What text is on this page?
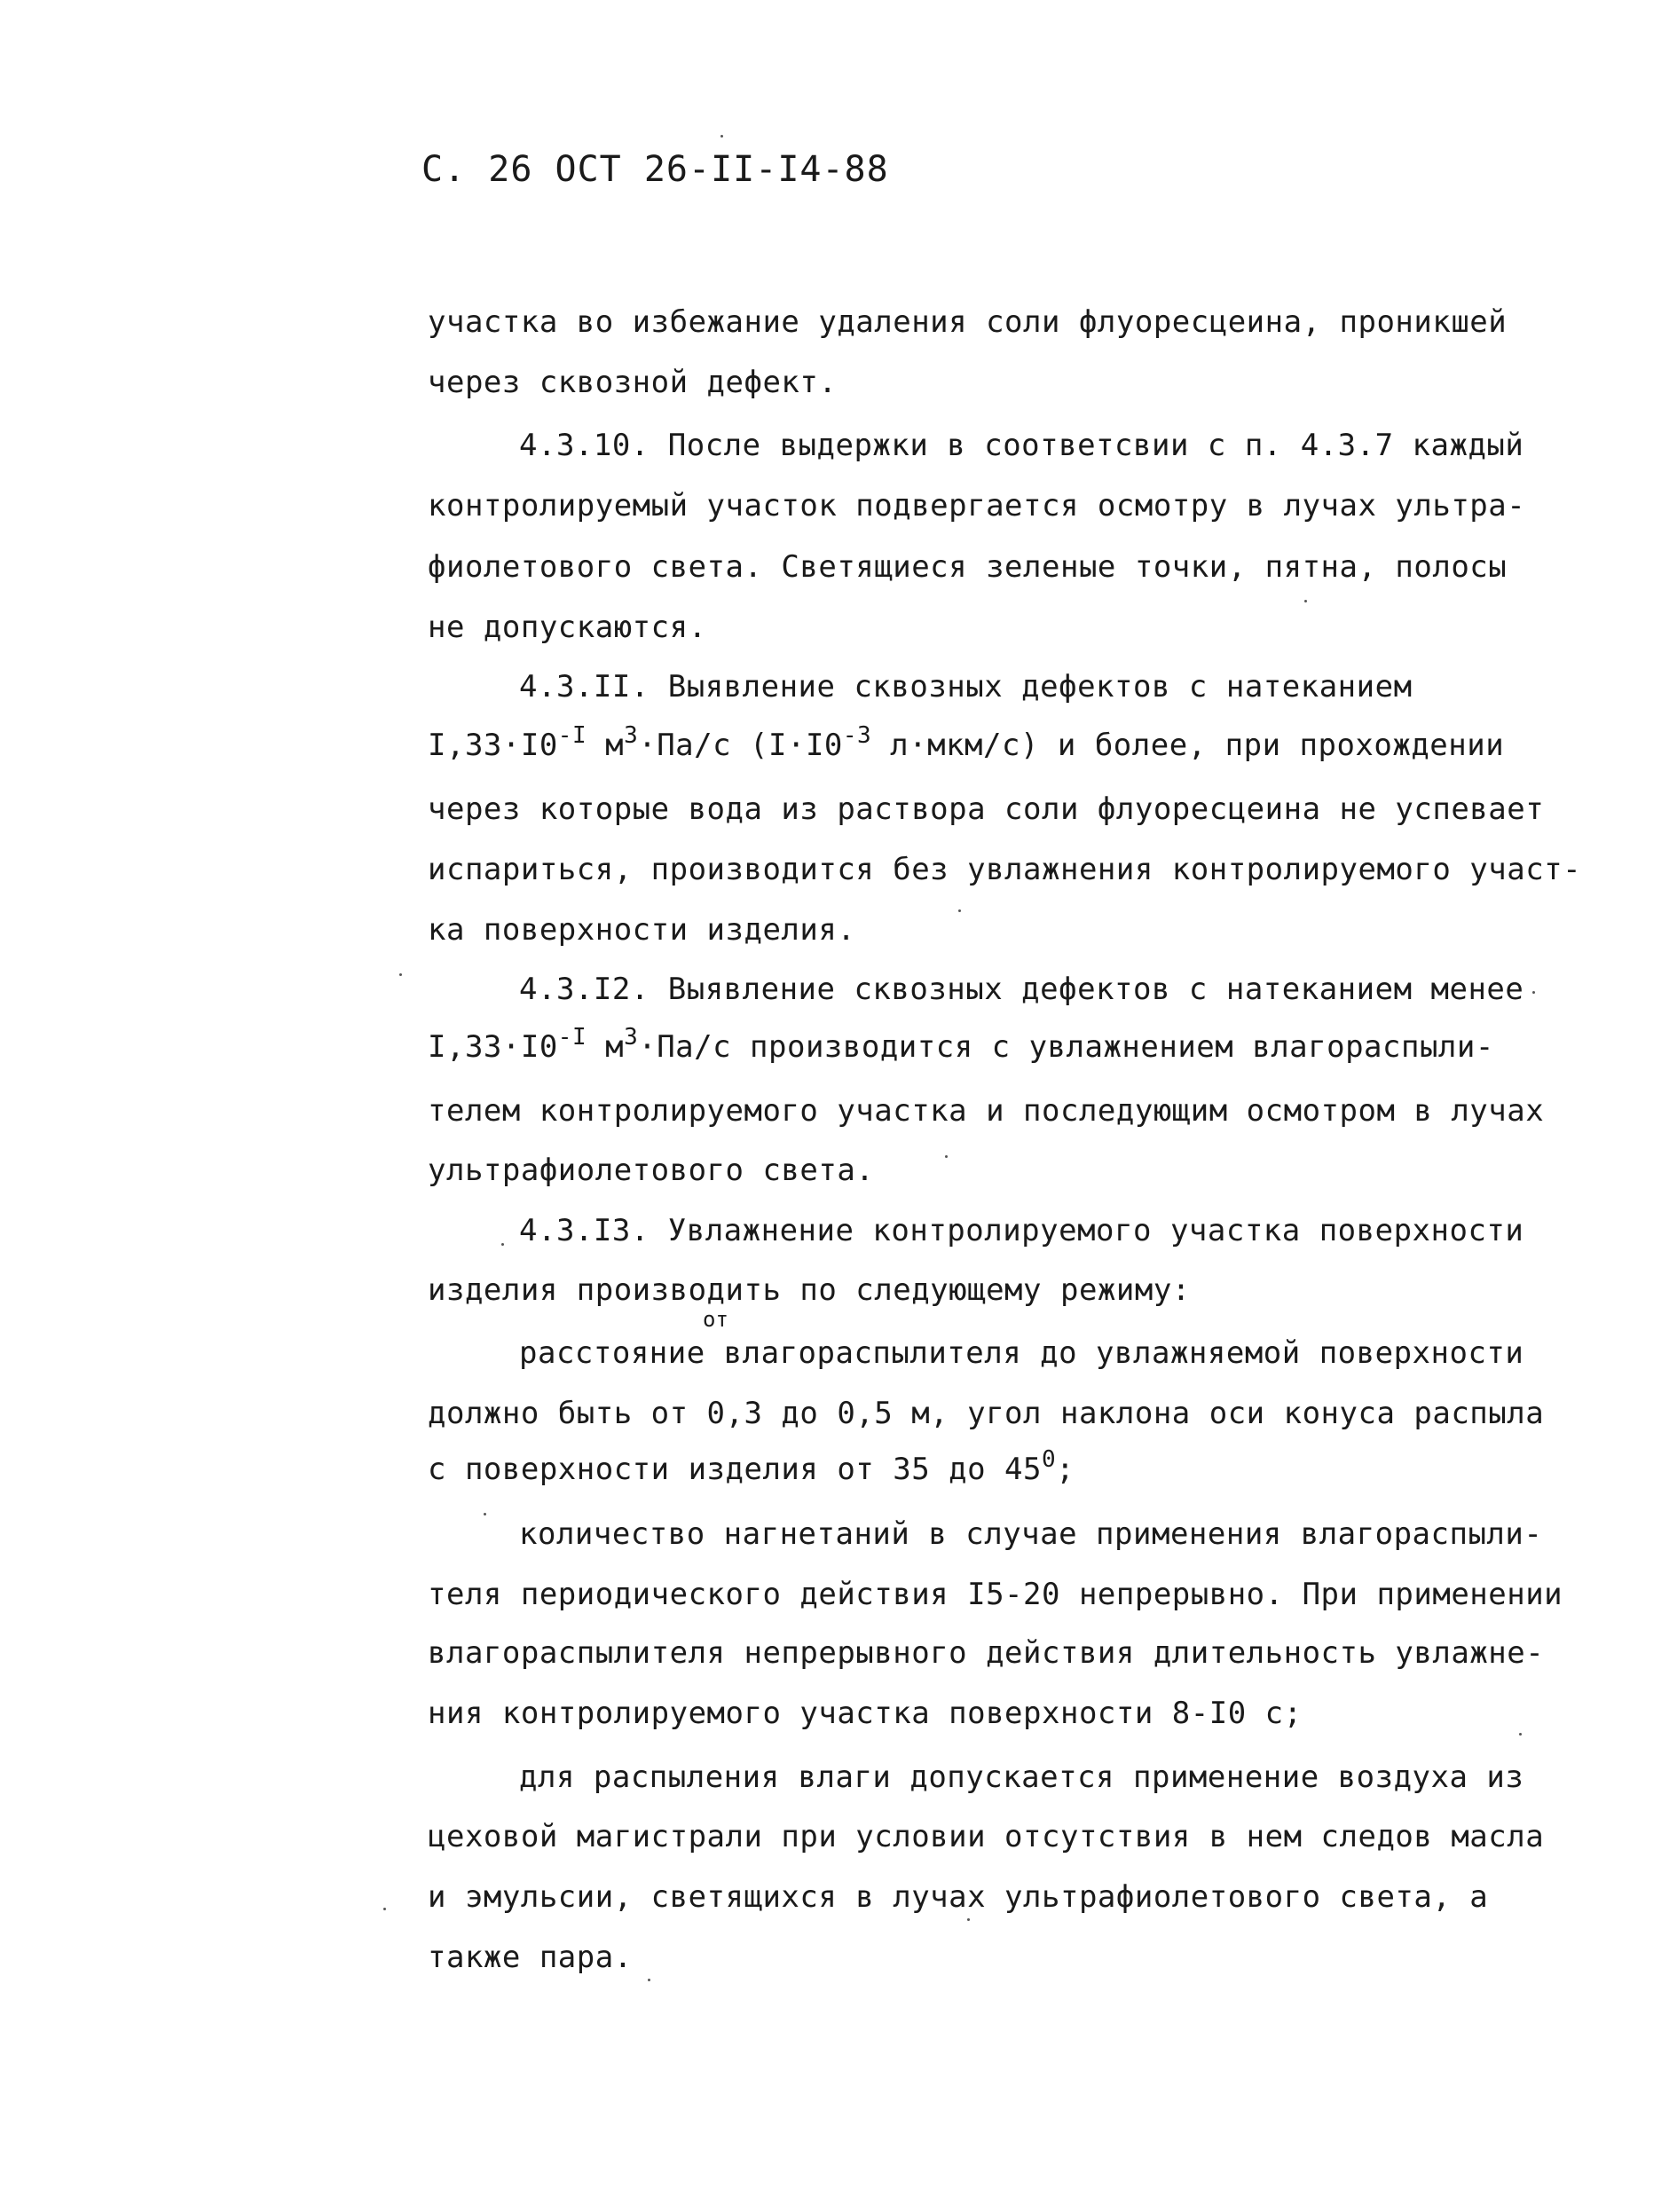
С. 26 ОСТ 26-II-I4-88
участка во избежание удаления соли флуоресцеина, проникшей
через сквозной дефект.
4.3.10. После выдержки в соответсвии с п. 4.3.7 каждый
контролируемый участок подвергается осмотру в лучах ультра-
фиолетового света. Светящиеся зеленые точки, пятна, полосы
не допускаются.
4.3.II. Выявление сквозных дефектов с натеканием
$I,33\cdot I0^{-I}$ $м^3\cdot Па/с$ ($I\cdot I0^{-3}$ л·мкм/с) и более, при прохождении
через которые вода из раствора соли флуоресцеина не успевает
испариться, производится без увлажнения контролируемого участ-
ка поверхности изделия.
4.3.I2. Выявление сквозных дефектов с натеканием менее
$I,33\cdot I0^{-I}$ $м^3\cdot Па/с$ производится с увлажнением влагораспыли-
телем контролируемого участка и последующим осмотром в лучах
ультрафиолетового света.
4.3.I3. Увлажнение контролируемого участка поверхности
изделия производить по следующему режиму:
от
расстояние влагораспылителя до увлажняемой поверхности
должно быть от 0,3 до 0,5 м, угол наклона оси конуса распыла
с поверхности изделия от 35 до $45^0$;
количество нагнетаний в случае применения влагораспыли-
теля периодического действия I5-20 непрерывно. При применении
влагораспылителя непрерывного действия длительность увлажне-
ния контролируемого участка поверхности 8-I0 с;
для распыления влаги допускается применение воздуха из
цеховой магистрали при условии отсутствия в нем следов масла
и эмульсии, светящихся в лучах ультрафиолетового света, а
также пара.
